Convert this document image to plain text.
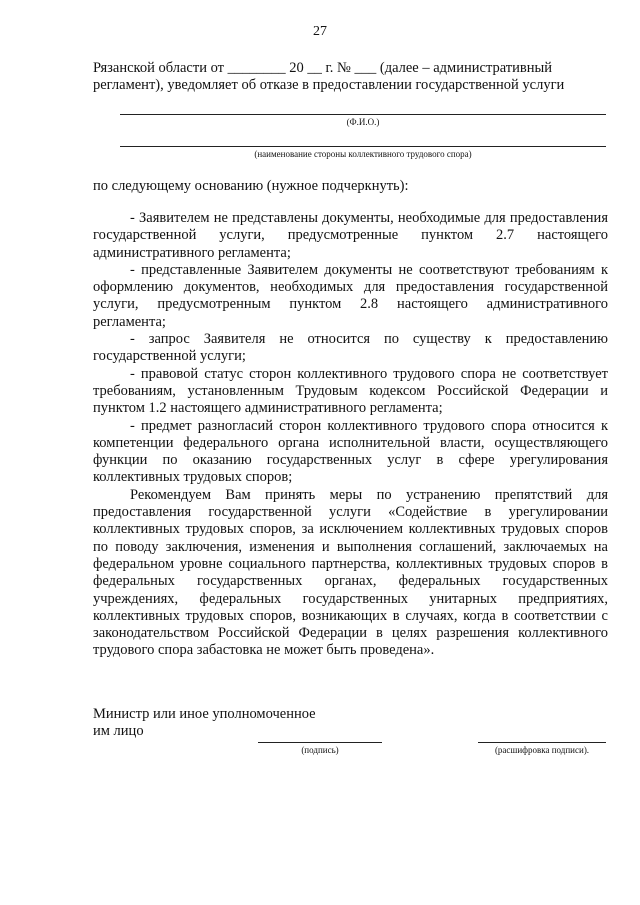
27

Рязанской области от ________ 20 __ г. № ___ (далее – административный

регламент), уведомляет об отказе в предоставлении государственной услуги

(Ф.И.О.)
(наименование стороны коллективного трудового спора)
по следующему основанию (нужное подчеркнуть):

- Заявителем не представлены документы, необходимые для предоставления государственной услуги, предусмотренные пунктом 2.7 настоящего административного регламента;

- представленные Заявителем документы не соответствуют требованиям к оформлению документов, необходимых для предоставления государственной услуги, предусмотренным пунктом 2.8 настоящего административного регламента;

- запрос Заявителя не относится по существу к предоставлению государственной услуги;

- правовой статус сторон коллективного трудового спора не соответствует требованиям, установленным Трудовым кодексом Российской Федерации и пунктом 1.2 настоящего административного регламента;

- предмет разногласий сторон коллективного трудового спора относится к компетенции федерального органа исполнительной власти, осуществляющего функции по оказанию государственных услуг в сфере урегулирования коллективных трудовых споров;

Рекомендуем Вам принять меры по устранению препятствий для предоставления государственной услуги «Содействие в урегулировании коллективных трудовых споров, за исключением коллективных трудовых споров по поводу заключения, изменения и выполнения соглашений, заключаемых на федеральном уровне социального партнерства, коллективных трудовых споров в федеральных государственных органах, федеральных государственных учреждениях, федеральных государственных унитарных предприятиях, коллективных трудовых споров, возникающих в случаях, когда в соответствии с законодательством Российской Федерации в целях разрешения коллективного трудового спора забастовка не может быть проведена».

Министр или иное уполномоченное

им лицо

(подпись)	(расшифровка подписи).
